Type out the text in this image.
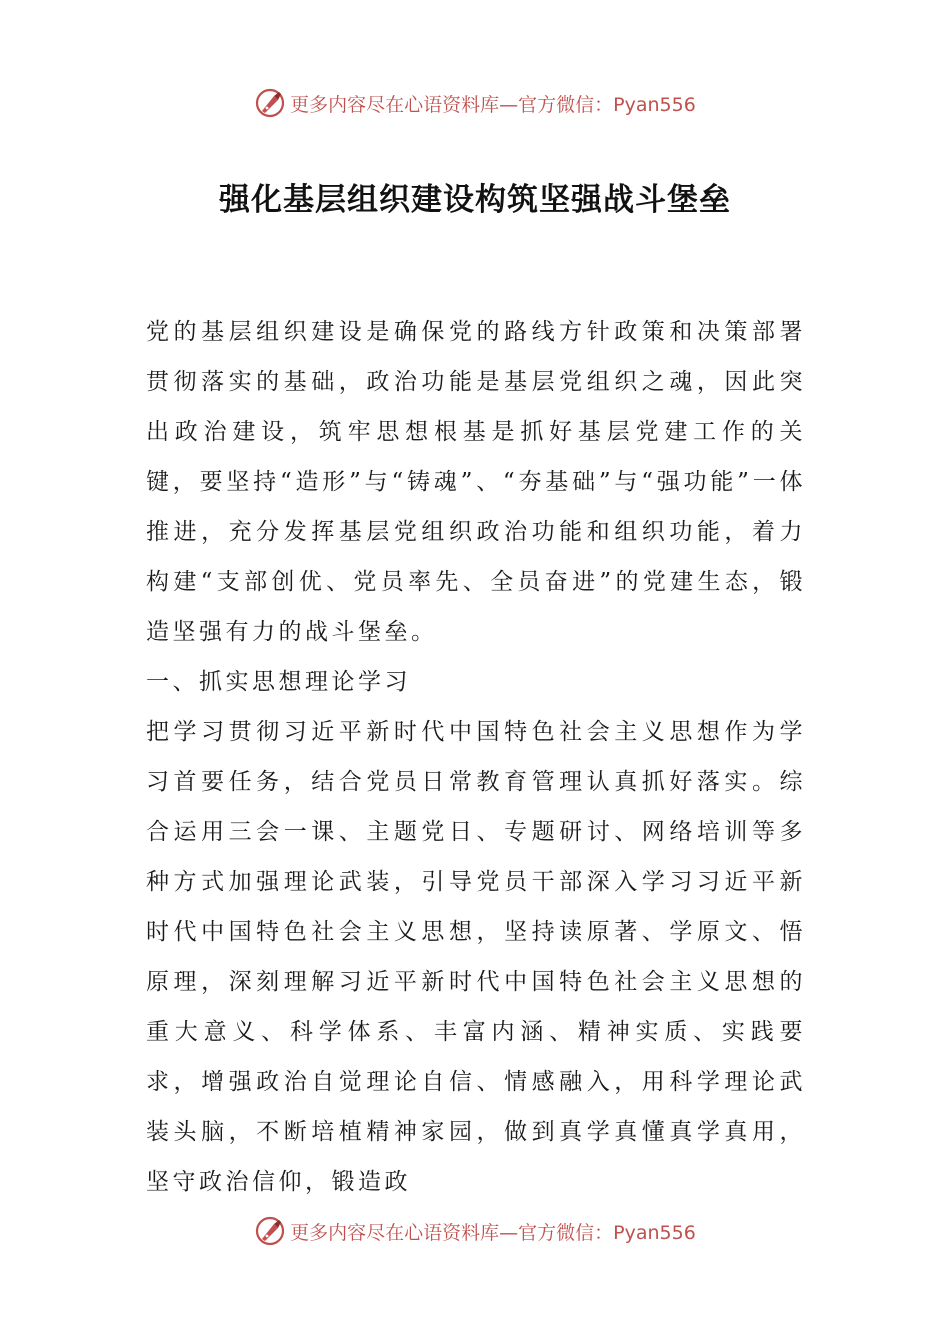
更多内容尽在心语资料库— 官方微信：Pyan556
强化基层组织建设构筑坚强战斗堡垒

党的基层组织建设是确保党的路线方针政策和决策部署贯彻落实的基础，政治功能是基层党组织之魂，因此突出政治建设，筑牢思想根基是抓好基层党建工作的关键，要坚持“造形”与“铸魂”、“夯基础”与“强功能”一体推进，充分发挥基层党组织政治功能和组织功能，着力构建“支部创优、党员率先、全员奋进”的党建生态，锻造坚强有力的战斗堡垒。

一、抓实思想理论学习

把学习贯彻习近平新时代中国特色社会主义思想作为学习首要任务，结合党员日常教育管理认真抓好落实。综合运用三会一课、主题党日、专题研讨、网络培训等多种方式加强理论武装，引导党员干部深入学习习近平新时代中国特色社会主义思想，坚持读原著、学原文、悟原理，深刻理解习近平新时代中国特色社会主义思想的重大意义、科学体系、丰富内涵、精神实质、实践要求，增强政治自觉理论自信、情感融入，用科学理论武装头脑，不断培植精神家园，做到真学真懂真学真用，坚守政治信仰，锻造政

更多内容尽在心语资料库— 官方微信：Pyan556
